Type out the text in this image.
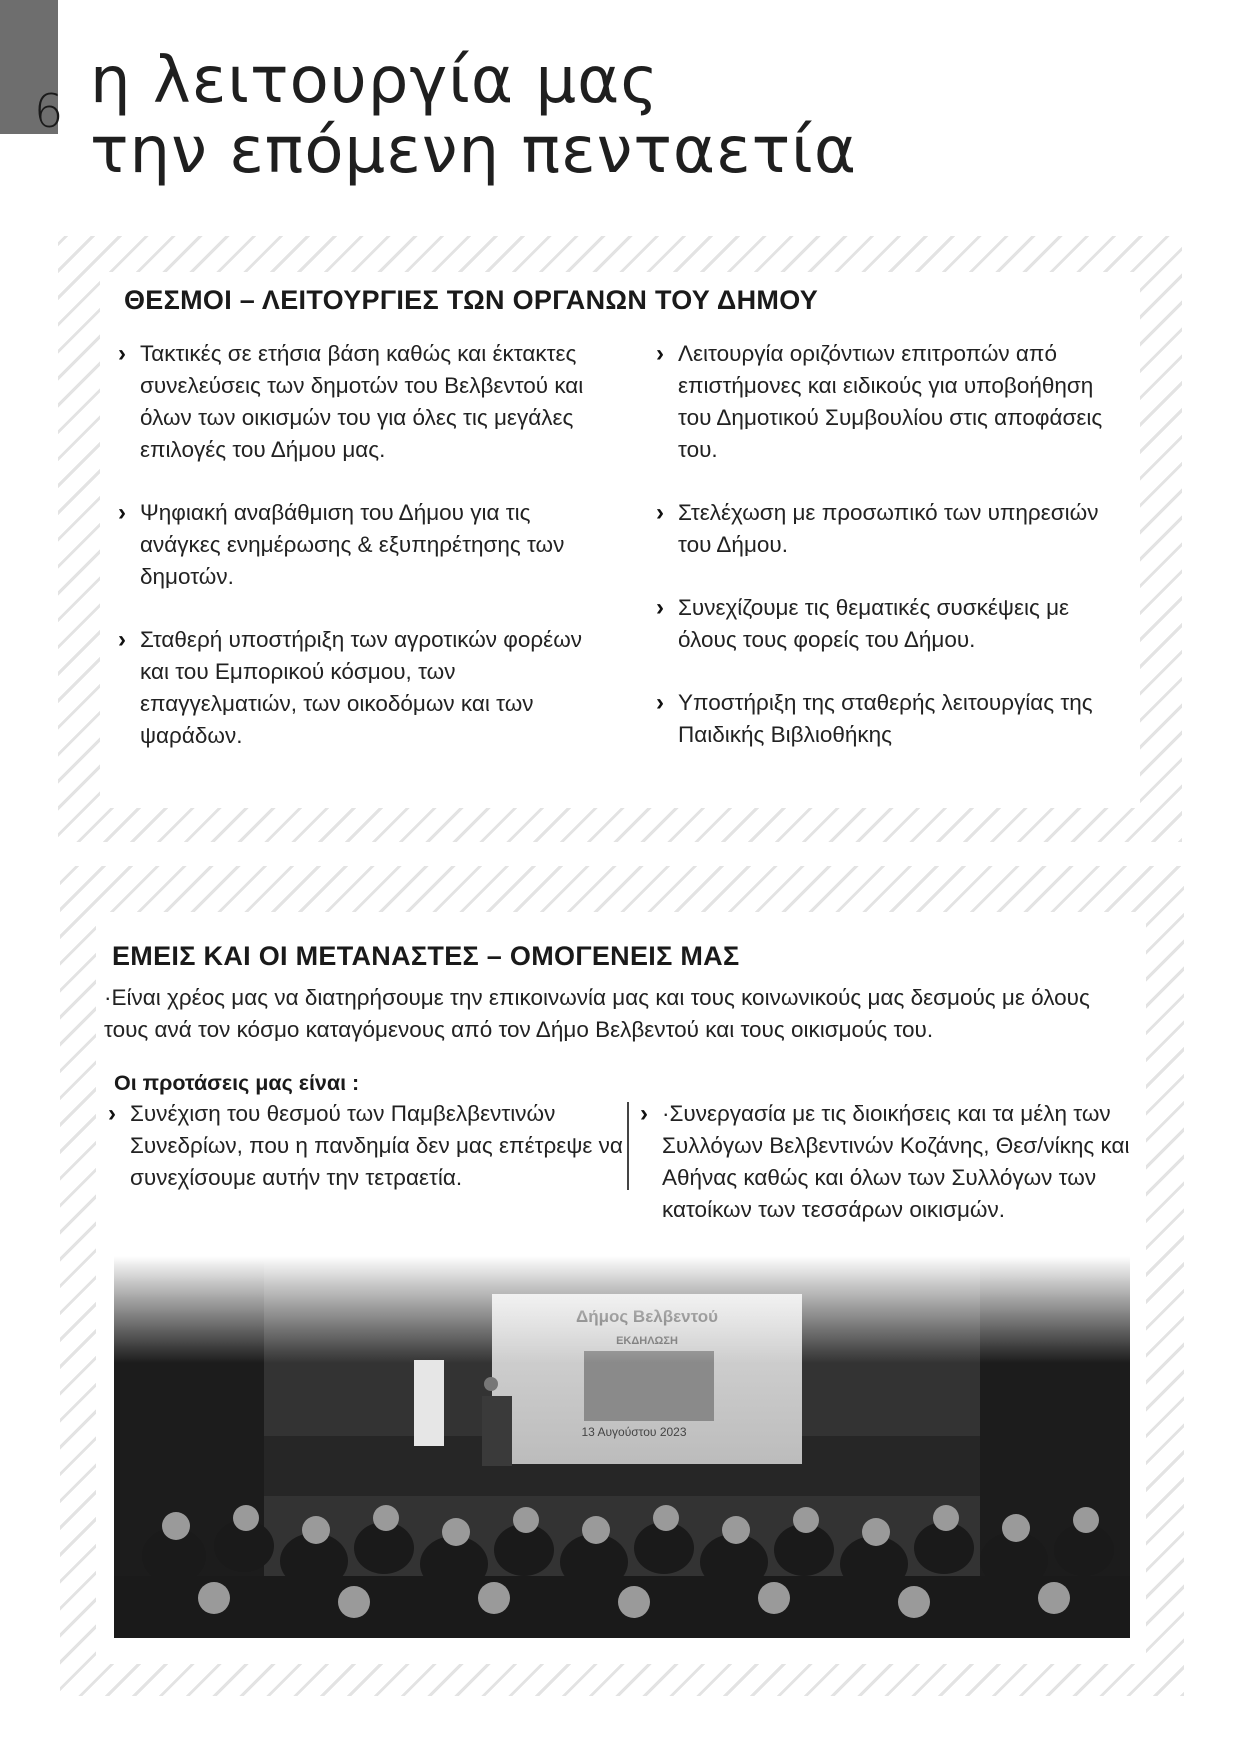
6 η λειτουργία μας
την επόμενη πενταετία
ΘΕΣΜΟΙ – ΛΕΙΤΟΥΡΓΙΕΣ ΤΩΝ ΟΡΓΑΝΩΝ ΤΟΥ ΔΗΜΟΥ
› Τακτικές σε ετήσια βάση καθώς και έκτακτες συνελεύσεις των δημοτών του Βελβεντού και όλων των οικισμών του για όλες τις μεγάλες επιλογές του Δήμου μας.
› Ψηφιακή αναβάθμιση του Δήμου για τις ανάγκες ενημέρωσης & εξυπηρέτησης των δημοτών.
› Σταθερή υποστήριξη των αγροτικών φορέων και του Εμπορικού κόσμου, των επαγγελματιών, των οικοδόμων και των ψαράδων.
› Λειτουργία οριζόντιων επιτροπών από επιστήμονες και ειδικούς για υποβοήθηση του Δημοτικού Συμβουλίου στις αποφάσεις του.
› Στελέχωση με προσωπικό των υπηρεσιών του Δήμου.
› Συνεχίζουμε τις θεματικές συσκέψεις με όλους τους φορείς του Δήμου.
› Υποστήριξη της σταθερής λειτουργίας της Παιδικής Βιβλιοθήκης
ΕΜΕΙΣ ΚΑΙ ΟΙ ΜΕΤΑΝΑΣΤΕΣ – ΟΜΟΓΕΝΕΙΣ ΜΑΣ
·Είναι χρέος μας να διατηρήσουμε την επικοινωνία μας και τους κοινωνικούς μας δεσμούς με όλους τους ανά τον κόσμο καταγόμενους από τον Δήμο Βελβεντού και τους οικισμούς του.
Οι προτάσεις μας είναι :
› Συνέχιση του θεσμού των Παμβελβεντινών Συνεδρίων, που η πανδημία δεν μας επέτρεψε να συνεχίσουμε αυτήν την τετραετία.
› ·Συνεργασία με τις διοικήσεις και τα μέλη των Συλλόγων Βελβεντινών Κοζάνης, Θεσ/νίκης και Αθήνας καθώς και όλων των Συλλόγων των κατοίκων των τεσσάρων οικισμών.
